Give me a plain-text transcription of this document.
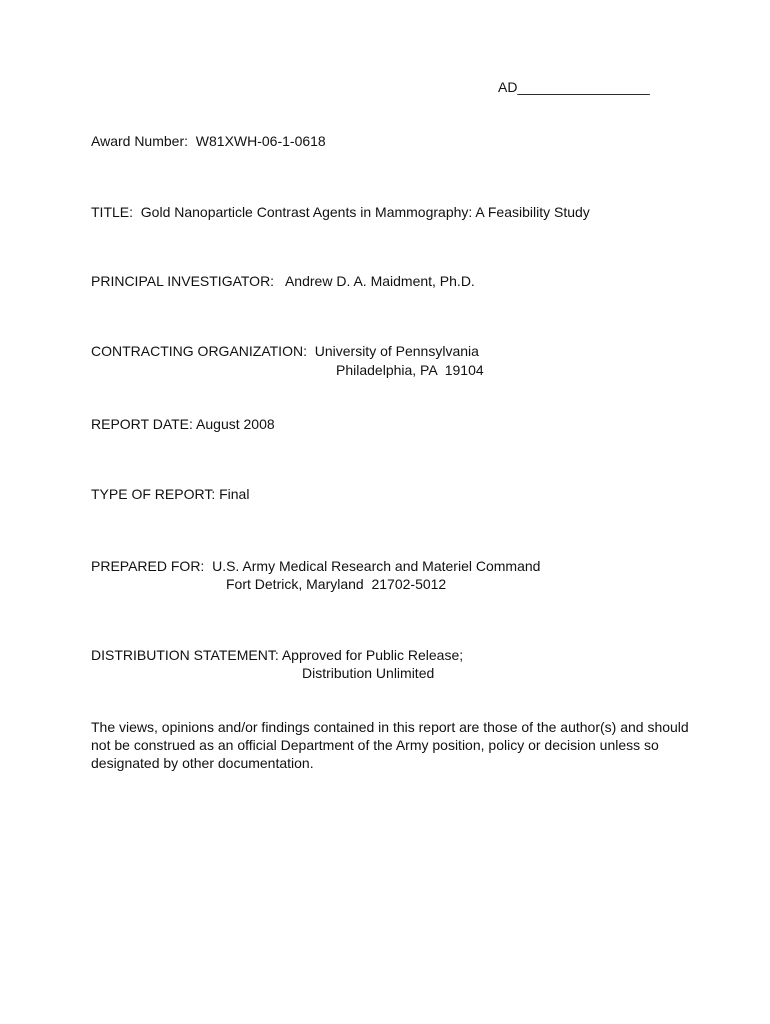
AD_________________
Award Number:  W81XWH-06-1-0618
TITLE:  Gold Nanoparticle Contrast Agents in Mammography: A Feasibility Study
PRINCIPAL INVESTIGATOR:   Andrew D. A. Maidment, Ph.D.
CONTRACTING ORGANIZATION:  University of Pennsylvania
Philadelphia, PA  19104
REPORT DATE: August 2008
TYPE OF REPORT: Final
PREPARED FOR:  U.S. Army Medical Research and Materiel Command
Fort Detrick, Maryland  21702-5012
DISTRIBUTION STATEMENT: Approved for Public Release;
Distribution Unlimited
The views, opinions and/or findings contained in this report are those of the author(s) and should not be construed as an official Department of the Army position, policy or decision unless so designated by other documentation.
